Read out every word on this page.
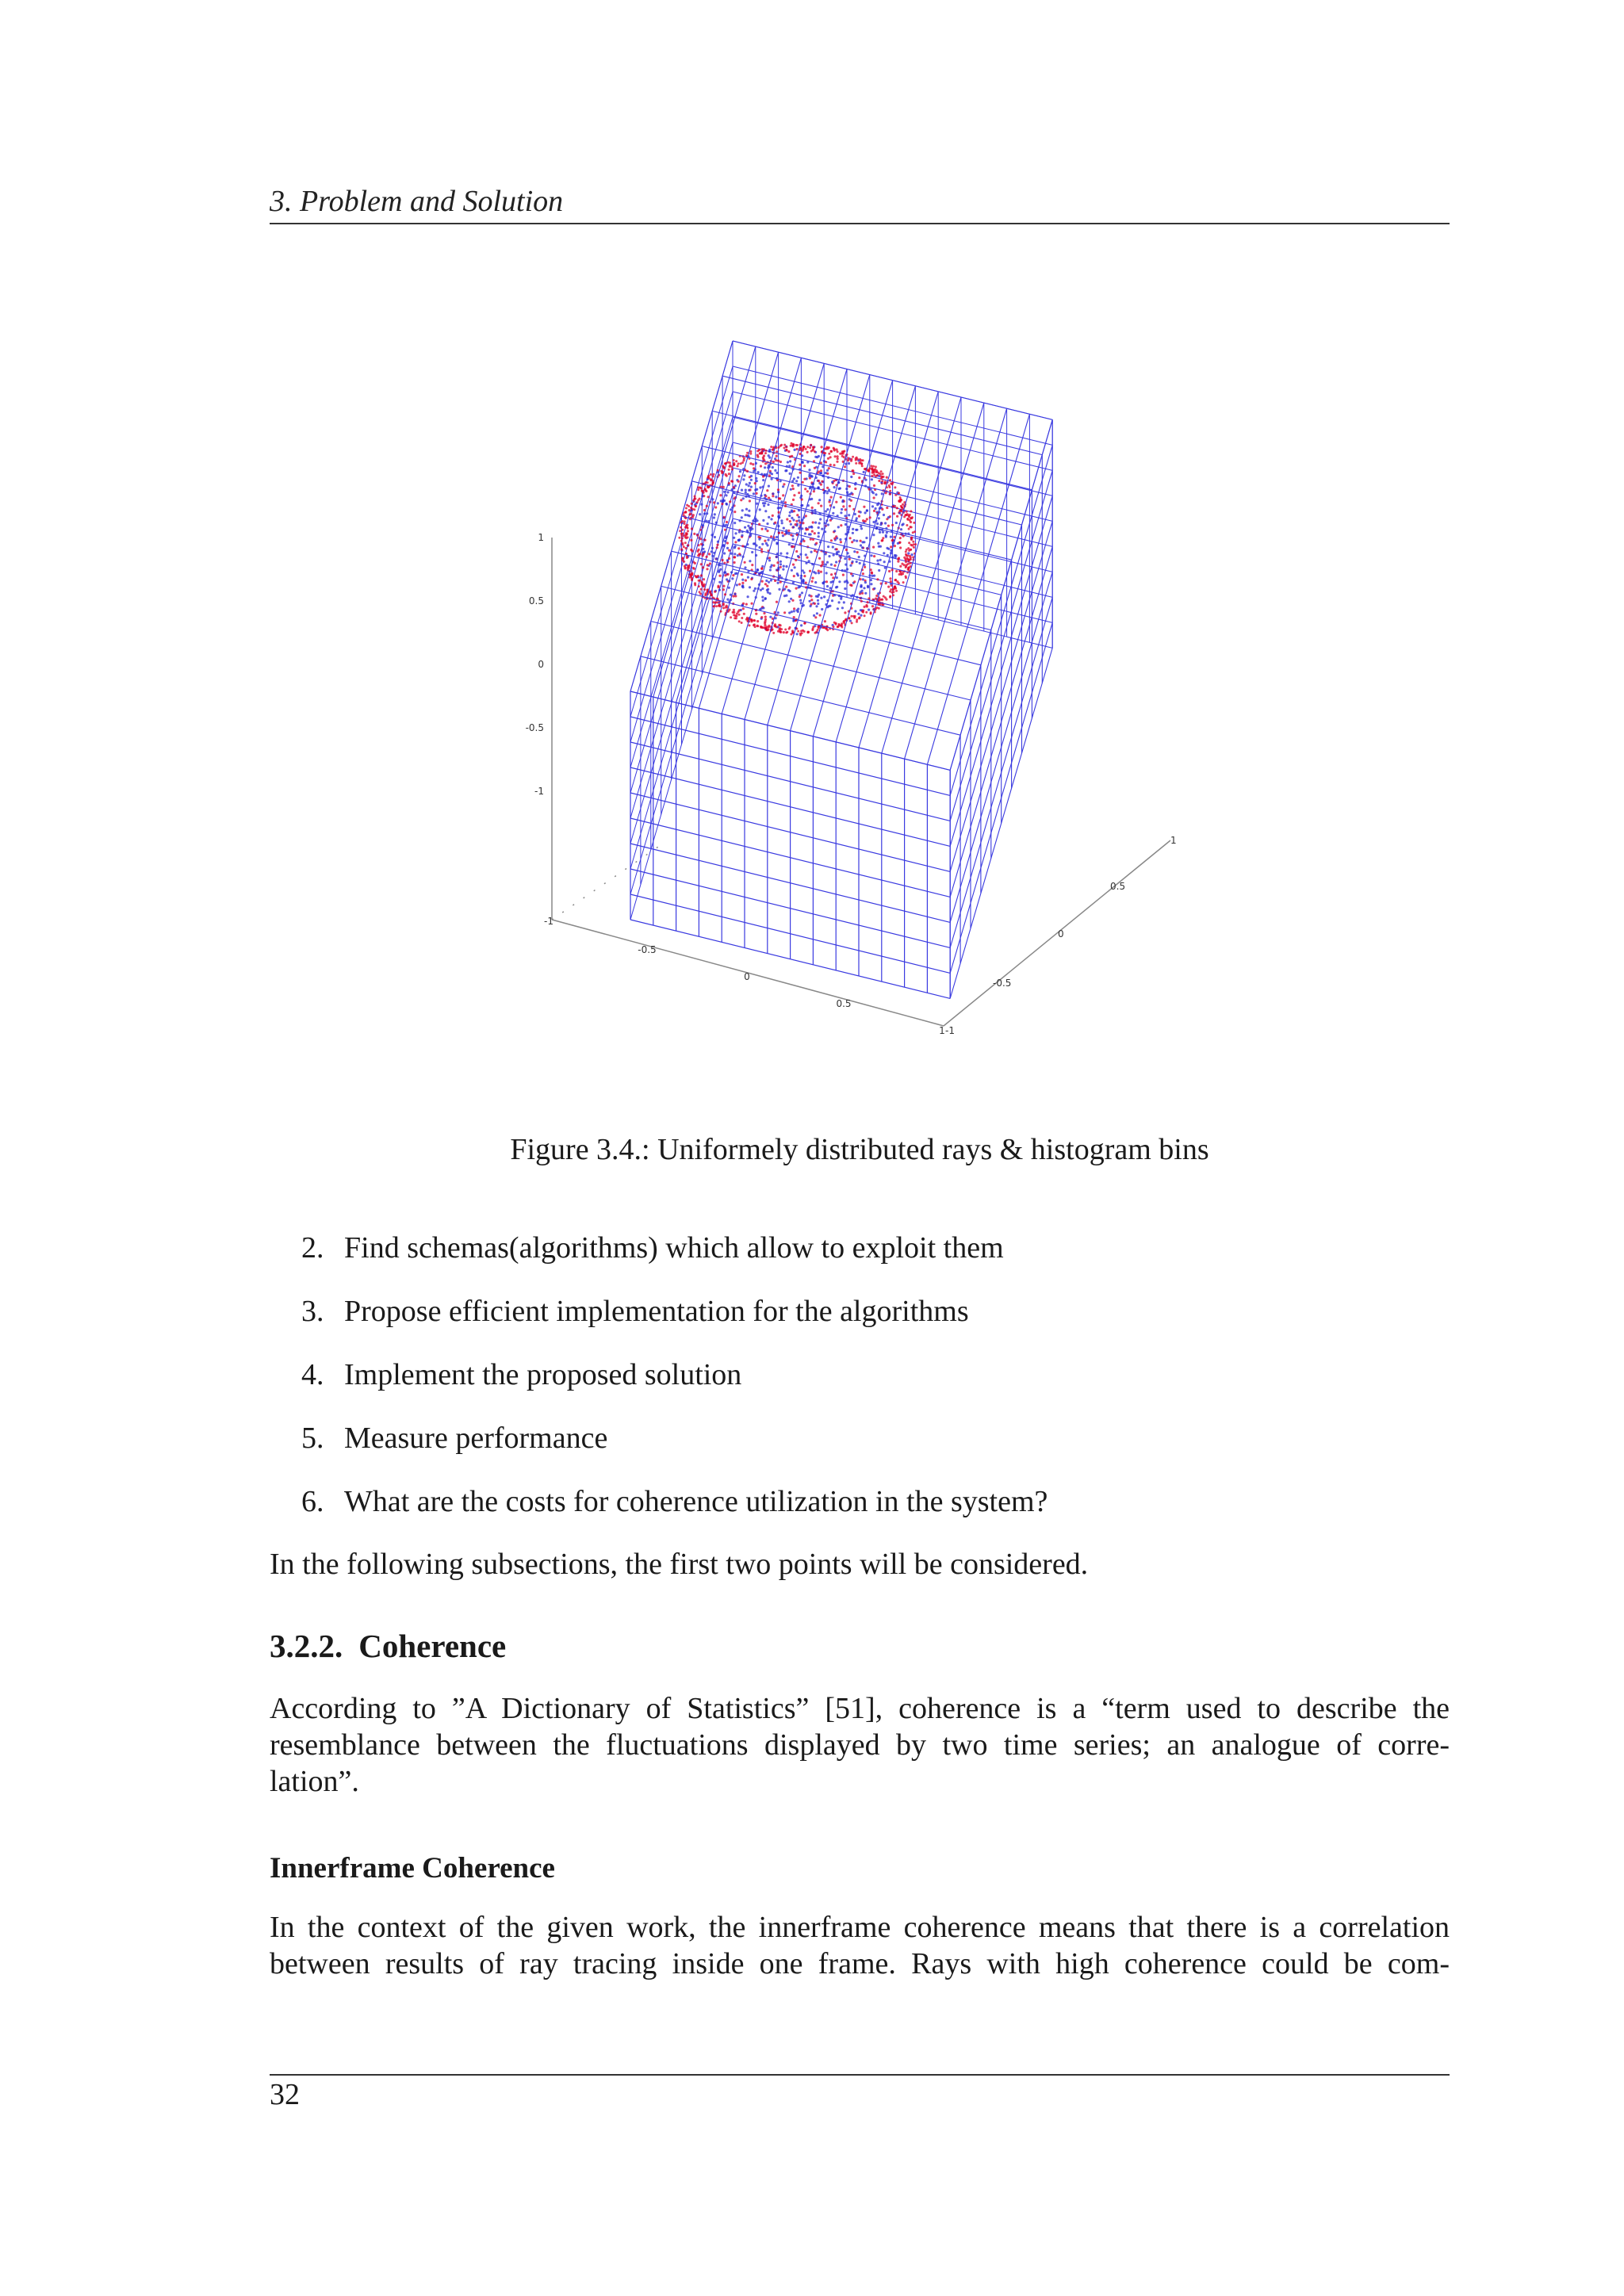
3. Problem and Solution
1
0.5
0
-0.5
-1
-1
-0.5
0
0.5
1 -1
-0.5
0
0.5
1
Figure 3.4.: Uniformely distributed rays & histogram bins
2. Find schemas(algorithms) which allow to exploit them
3. Propose efficient implementation for the algorithms
4. Implement the proposed solution
5. Measure performance
6. What are the costs for coherence utilization in the system?

In the following subsections, the first two points will be considered.

3.2.2. Coherence

According to ”A Dictionary of Statistics” [51], coherence is a “term used to describe the
resemblance between the fluctuations displayed by two time series; an analogue of corre-
lation”.

Innerframe Coherence

In the context of the given work, the innerframe coherence means that there is a correlation
between results of ray tracing inside one frame. Rays with high coherence could be com-

32
